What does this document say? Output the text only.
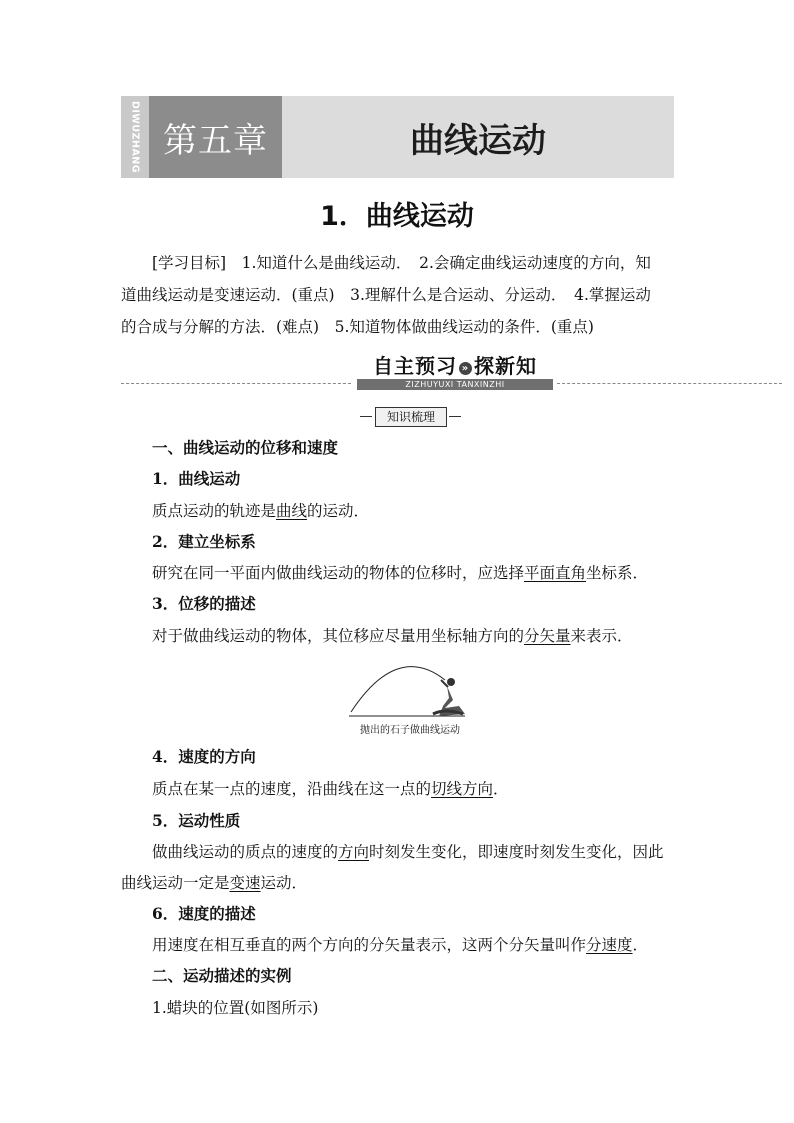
DIWUZHANG 第五章	曲线运动
1．曲线运动
[学习目标]　1.知道什么是曲线运动．　2.会确定曲线运动速度的方向，知
道曲线运动是变速运动．(重点)　3.理解什么是合运动、分运动．　4.掌握运动
的合成与分解的方法．(难点)　5.知道物体做曲线运动的条件．(重点)
自主预习 » 探新知
ZIZHUYUXI TANXINZHI
知识梳理
一、曲线运动的位移和速度
1．曲线运动
质点运动的轨迹是曲线的运动．
2．建立坐标系
研究在同一平面内做曲线运动的物体的位移时，应选择平面直角坐标系．
3．位移的描述
对于做曲线运动的物体，其位移应尽量用坐标轴方向的分矢量来表示．
抛出的石子做曲线运动
4．速度的方向
质点在某一点的速度，沿曲线在这一点的切线方向．
5．运动性质
做曲线运动的质点的速度的方向时刻发生变化，即速度时刻发生变化，因此
曲线运动一定是变速运动．
6．速度的描述
用速度在相互垂直的两个方向的分矢量表示，这两个分矢量叫作分速度．
二、运动描述的实例
1.蜡块的位置(如图所示)
